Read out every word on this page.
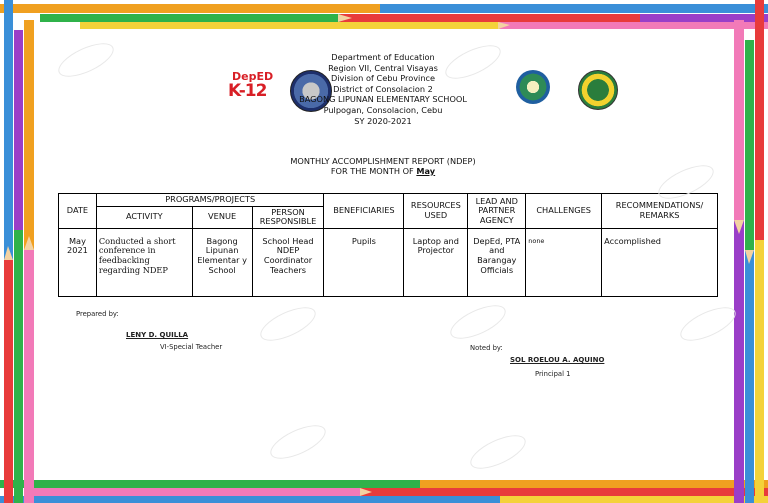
DepED
K-12
Department of Education
Region VII, Central Visayas
Division of Cebu Province
District of Consolacion 2
BAGONG LIPUNAN ELEMENTARY SCHOOL
Pulpogan, Consolacion, Cebu
SY 2020-2021
MONTHLY ACCOMPLISHMENT REPORT (NDEP)
FOR THE MONTH OF May
DATE	PROGRAMS/PROJECTS			BENEFICIARIES	RESOURCES USED	LEAD AND PARTNER AGENCY	CHALLENGES	RECOMMENDATIONS/ REMARKS
	ACTIVITY	VENUE	PERSON RESPONSIBLE					
May 2021	Conducted a short conference in feedbacking regarding NDEP	Bagong Lipunan Elementar y School	School Head NDEP Coordinator Teachers	Pupils	Laptop and Projector	DepEd, PTA and Barangay Officials	none	Accomplished
Prepared by:
LENY D. QUILLA
VI-Special Teacher	Noted by:
SOL ROELOU A. AQUINO
Principal 1
